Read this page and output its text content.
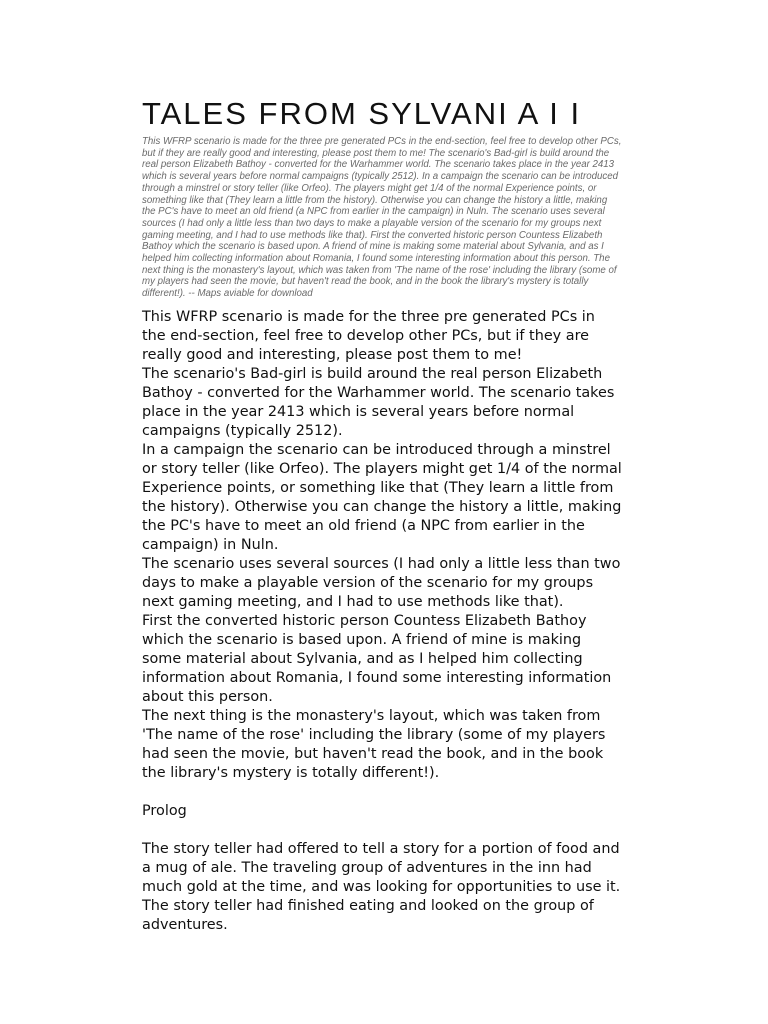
TALES FROM SYLVANI A I I
This WFRP scenario is made for the three pre generated PCs in the end-section, feel free to develop other PCs, but if they are really good and interesting, please post them to me! The scenario's Bad-girl is build around the real person Elizabeth Bathoy - converted for the Warhammer world. The scenario takes place in the year 2413 which is several years before normal campaigns (typically 2512). In a campaign the scenario can be introduced through a minstrel or story teller (like Orfeo). The players might get 1/4 of the normal Experience points, or something like that (They learn a little from the history). Otherwise you can change the history a little, making the PC's have to meet an old friend (a NPC from earlier in the campaign) in Nuln. The scenario uses several sources (I had only a little less than two days to make a playable version of the scenario for my groups next gaming meeting, and I had to use methods like that). First the converted historic person Countess Elizabeth Bathoy which the scenario is based upon. A friend of mine is making some material about Sylvania, and as I helped him collecting information about Romania, I found some interesting information about this person. The next thing is the monastery's layout, which was taken from 'The name of the rose' including the library (some of my players had seen the movie, but haven't read the book, and in the book the library's mystery is totally different!). -- Maps aviable for download

This WFRP scenario is made for the three pre generated PCs in the end-section, feel free to develop other PCs, but if they are really good and interesting, please post them to me!

The scenario's Bad-girl is build around the real person Elizabeth Bathoy - converted for the Warhammer world. The scenario takes place in the year 2413 which is several years before normal campaigns (typically 2512).

In a campaign the scenario can be introduced through a minstrel or story teller (like Orfeo). The players might get 1/4 of the normal Experience points, or something like that (They learn a little from the history). Otherwise you can change the history a little, making the PC's have to meet an old friend (a NPC from earlier in the campaign) in Nuln.

The scenario uses several sources (I had only a little less than two days to make a playable version of the scenario for my groups next gaming meeting, and I had to use methods like that).

First the converted historic person Countess Elizabeth Bathoy which the scenario is based upon. A friend of mine is making some material about Sylvania, and as I helped him collecting information about Romania, I found some interesting information about this person.

The next thing is the monastery's layout, which was taken from 'The name of the rose' including the library (some of my players had seen the movie, but haven't read the book, and in the book the library's mystery is totally different!).

Prolog

The story teller had offered to tell a story for a portion of food and a mug of ale. The traveling group of adventures in the inn had much gold at the time, and was looking for opportunities to use it. The story teller had finished eating and looked on the group of adventures.
